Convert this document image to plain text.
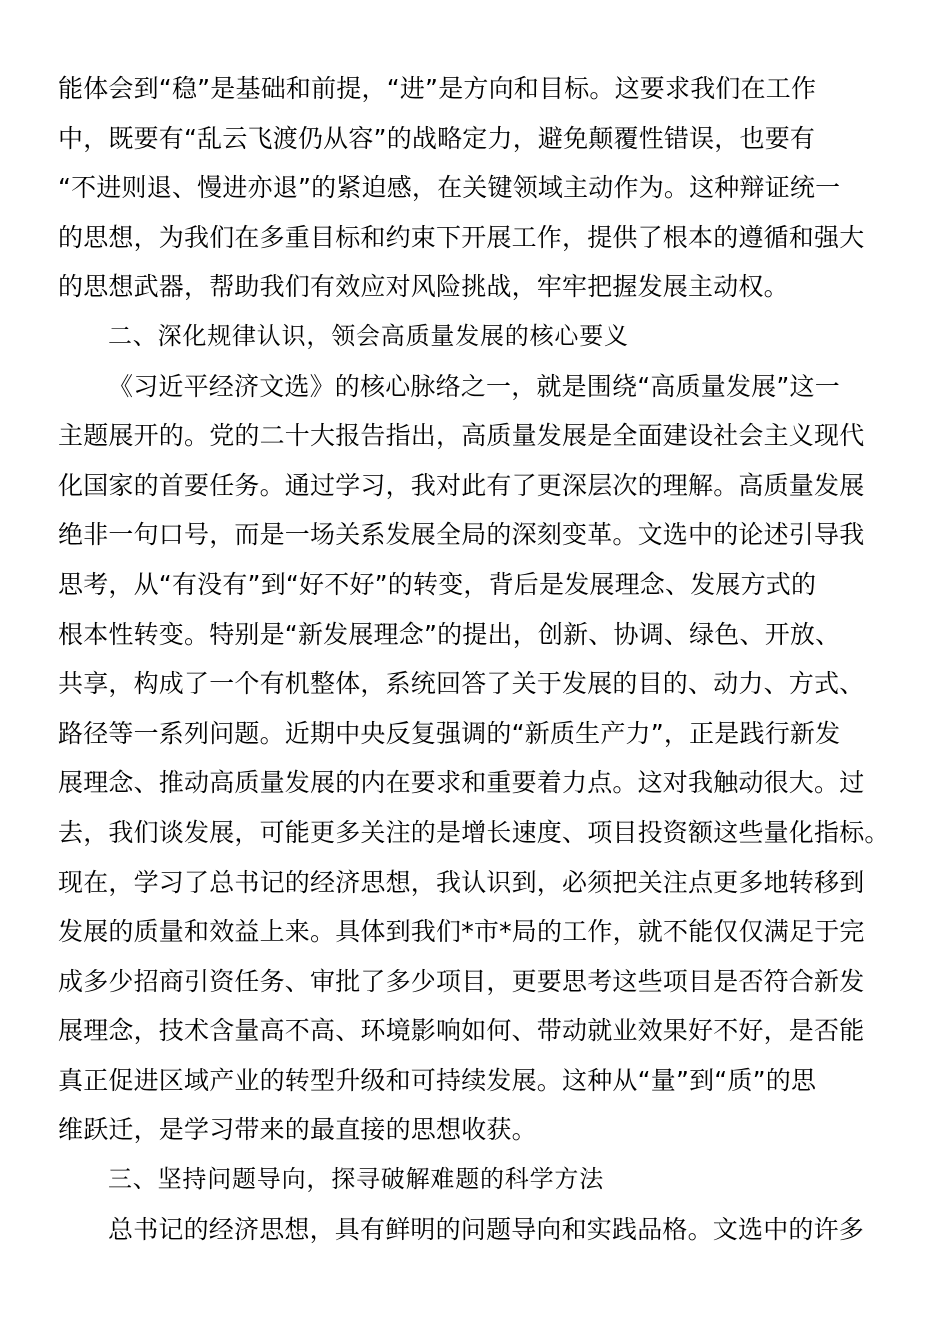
能体会到“稳”是基础和前提，“进”是方向和目标。这要求我们在工作
中，既要有“乱云飞渡仍从容”的战略定力，避免颠覆性错误，也要有
“不进则退、慢进亦退”的紧迫感，在关键领域主动作为。这种辩证统一
的思想，为我们在多重目标和约束下开展工作，提供了根本的遵循和强大
的思想武器，帮助我们有效应对风险挑战，牢牢把握发展主动权。
二、深化规律认识，领会高质量发展的核心要义
《习近平经济文选》的核心脉络之一，就是围绕“高质量发展”这一
主题展开的。党的二十大报告指出，高质量发展是全面建设社会主义现代
化国家的首要任务。通过学习，我对此有了更深层次的理解。高质量发展
绝非一句口号，而是一场关系发展全局的深刻变革。文选中的论述引导我
思考，从“有没有”到“好不好”的转变，背后是发展理念、发展方式的
根本性转变。特别是“新发展理念”的提出，创新、协调、绿色、开放、
共享，构成了一个有机整体，系统回答了关于发展的目的、动力、方式、
路径等一系列问题。近期中央反复强调的“新质生产力”，正是践行新发
展理念、推动高质量发展的内在要求和重要着力点。这对我触动很大。过
去，我们谈发展，可能更多关注的是增长速度、项目投资额这些量化指标。
现在，学习了总书记的经济思想，我认识到，必须把关注点更多地转移到
发展的质量和效益上来。具体到我们*市*局的工作，就不能仅仅满足于完
成多少招商引资任务、审批了多少项目，更要思考这些项目是否符合新发
展理念，技术含量高不高、环境影响如何、带动就业效果好不好，是否能
真正促进区域产业的转型升级和可持续发展。这种从“量”到“质”的思
维跃迁，是学习带来的最直接的思想收获。
三、坚持问题导向，探寻破解难题的科学方法
总书记的经济思想，具有鲜明的问题导向和实践品格。文选中的许多
